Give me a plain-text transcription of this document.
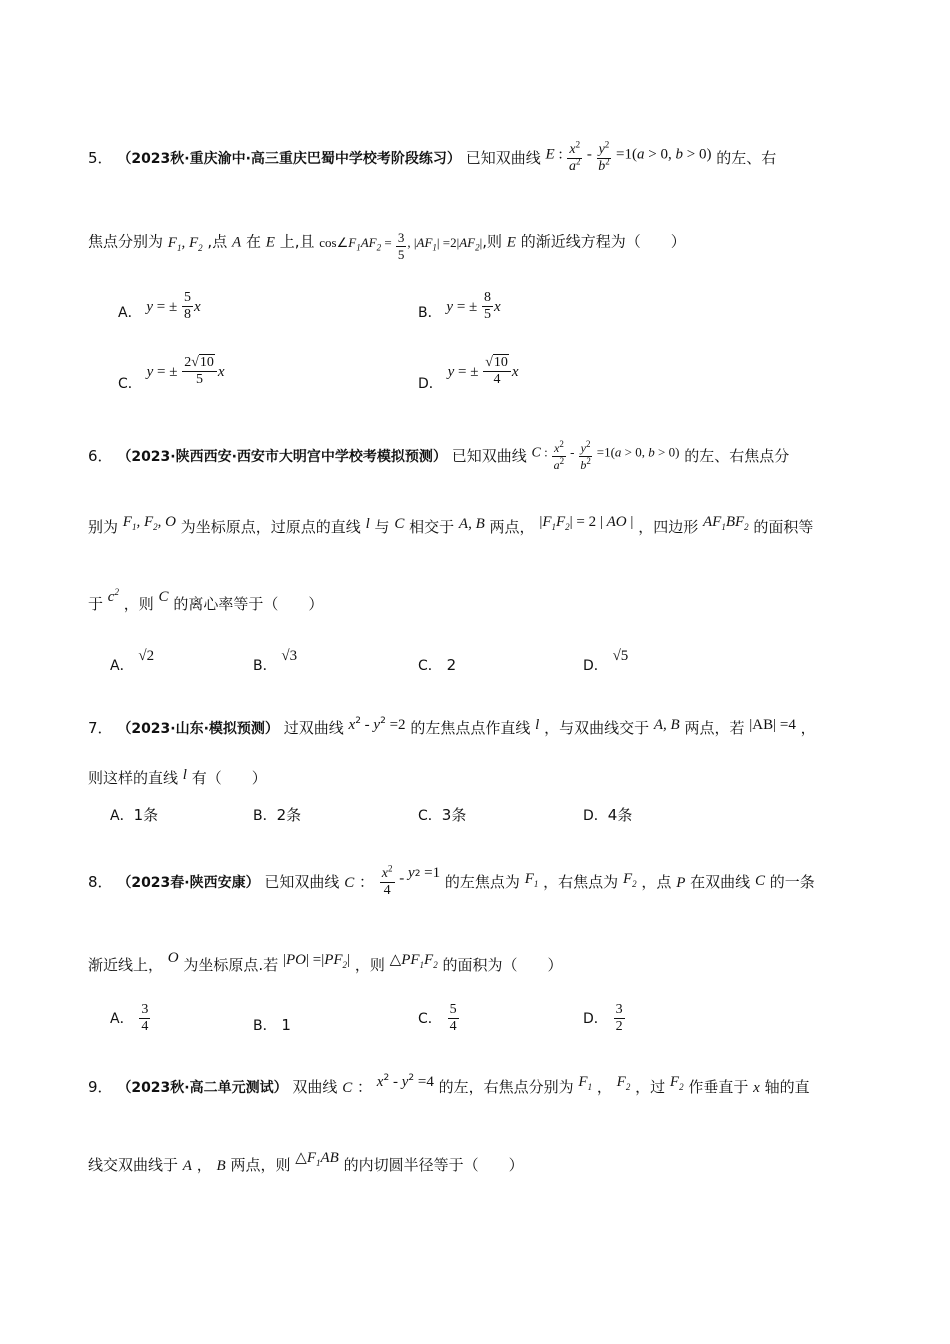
5． （2023秋·重庆渝中·高三重庆巴蜀中学校考阶段练习） 已知双曲线 E : $\frac{x^2}{a^2} - \frac{y^2}{b^2} =1(a > 0$, b > 0) 的左、右
焦点分别为 $F_1$, $F_2$ ,点 A 在 E 上,且 $\cos\angle F_1AF_2 = \frac{3}{5}$ , $|AF_1| =2|AF_2|$ ,则 E 的渐近线方程为（　　）
A． y = ± $\frac{5}{8}$ x	B． y = ± $\frac{8}{5}$ x
C． y = ± $\frac{2√10}{5}$ x
D． y = ± $\frac{√10}{4}$ x
6． （2023·陕西西安·西安市大明宫中学校考模拟预测） 已知双曲线 C : $\frac{x^2}{a^2} - \frac{y^2}{b^2} =1(a > 0$, b > 0) 的左、右焦点分
别为 $F_1$, $F_2$, O 为坐标原点，过原点的直线 l 与 C 相交于 A, B 两点， $|F_1F_2| = 2$ | AO | ，四边形 $AF_1BF_2$ 的面积等
于 $c^2$ ，则 C 的离心率等于（　　）
A． √2
B． √3
C． 2	D． √5
7． （2023·山东·模拟预测） 过双曲线 $x^2 - y^2 =2$ 的左焦点点作直线 l ，与双曲线交于 A, B 两点，若 |AB| =4 ，
则这样的直线 l 有（　　）
A．1条	B．2条	C．3条	D．4条
8． （2023春·陕西安康） 已知双曲线 C ： $\frac{x^2}{4} - y^2 =1$ 的左焦点为 $F_1$ ，右焦点为 $F_2$ ，点 P 在双曲线 C 的一条
渐近线上， O 为坐标原点.若 $|PO| =|PF_2|$ ，则 $\triangle PF_1F_2$ 的面积为（　　）
A． $\frac{3}{4}$	B． 1	C． $\frac{5}{4}$	D． $\frac{3}{2}$
9． （2023秋·高二单元测试） 双曲线 C ： $x^2 - y^2 =4$ 的左，右焦点分别为 $F_1$ ， $F_2$ ，过 $F_2$ 作垂直于 x 轴的直
线交双曲线于 A ， B 两点，则 $\triangle F_1AB$ 的内切圆半径等于（　　）
